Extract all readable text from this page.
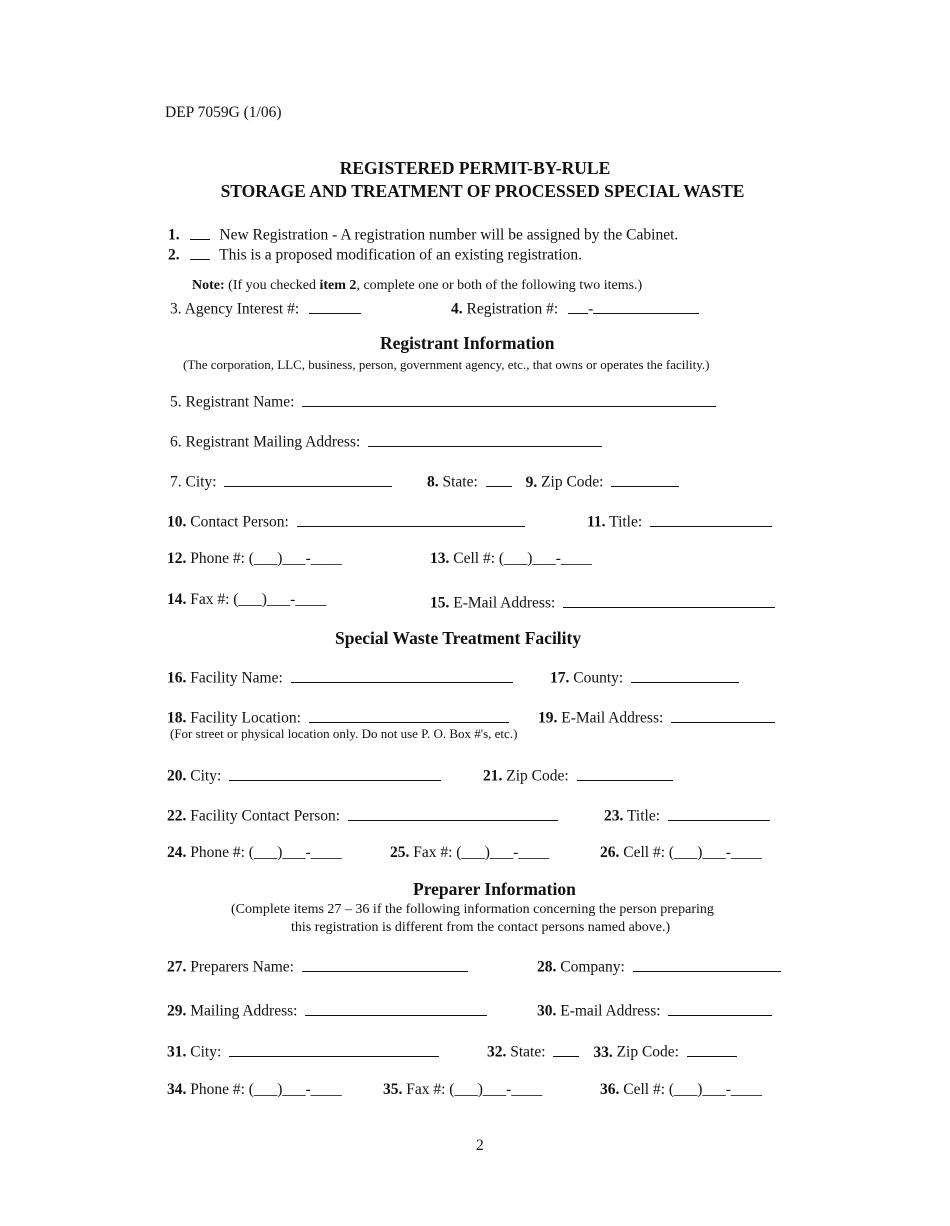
DEP 7059G (1/06)
REGISTERED PERMIT-BY-RULE
STORAGE AND TREATMENT OF PROCESSED SPECIAL WASTE
1.	New Registration - A registration number will be assigned by the Cabinet.
2.	This is a proposed modification of an existing registration.
Note: (If you checked item 2, complete one or both of the following two items.)
3. Agency Interest #:	4. Registration #: -
Registrant Information
(The corporation, LLC, business, person, government agency, etc., that owns or operates the facility.)
5. Registrant Name:
6. Registrant Mailing Address:
7. City:	8. State:	9. Zip Code:
10. Contact Person:	11. Title:
12. Phone #: (___)___-____	13. Cell #: (___)___-____
14. Fax #: (___)___-____	15. E-Mail Address:
Special Waste Treatment Facility
16. Facility Name:	17. County:
18. Facility Location:	19. E-Mail Address:
(For street or physical location only. Do not use P. O. Box #'s, etc.)
20. City:	21. Zip Code:
22. Facility Contact Person:	23. Title:
24. Phone #: (___)___-____	25. Fax #: (___)___-____	26. Cell #: (___)___-____
Preparer Information
(Complete items 27 – 36 if the following information concerning the person preparing
this registration is different from the contact persons named above.)
27. Preparers Name:	28. Company:
29. Mailing Address:	30. E-mail Address:
31. City:	32. State:	33. Zip Code:
34. Phone #: (___)___-____	35. Fax #: (___)___-____	36. Cell #: (___)___-____
2
